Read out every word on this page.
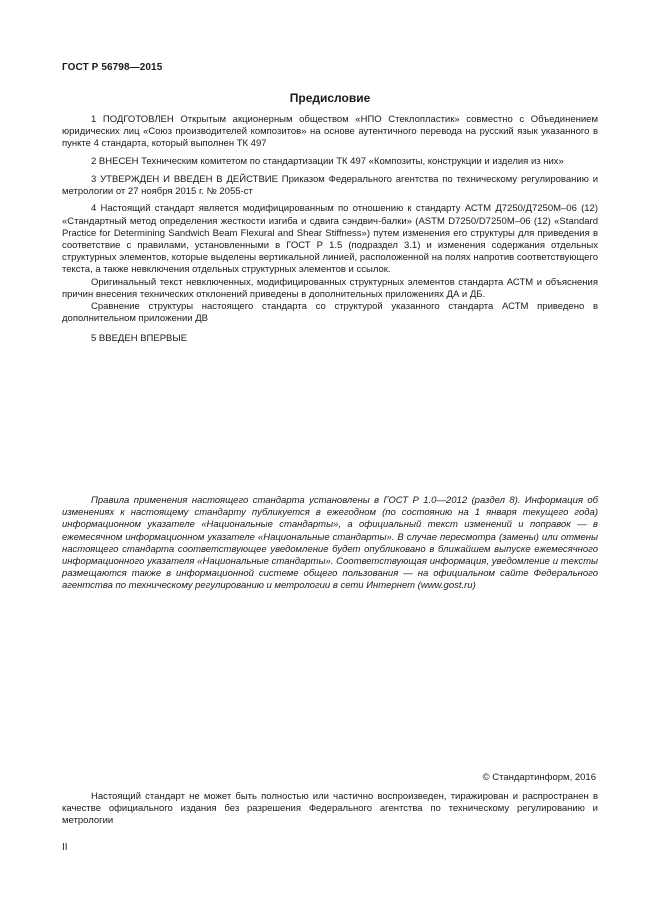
ГОСТ Р 56798—2015
Предисловие

1 ПОДГОТОВЛЕН Открытым акционерным обществом «НПО Стеклопластик» совместно с Объединением юридических лиц «Союз производителей композитов» на основе аутентичного перевода на русский язык указанного в пункте 4 стандарта, который выполнен ТК 497

2 ВНЕСЕН Техническим комитетом по стандартизации ТК 497 «Композиты, конструкции и изделия из них»

3 УТВЕРЖДЕН И ВВЕДЕН В ДЕЙСТВИЕ Приказом Федерального агентства по техническому регулированию и метрологии от 27 ноября 2015 г. № 2055-ст

4 Настоящий стандарт является модифицированным по отношению к стандарту АСТМ Д7250/Д7250М–06 (12) «Стандартный метод определения жесткости изгиба и сдвига сэндвич-балки» (ASTM D7250/D7250M–06 (12) «Standard Practice for Determining Sandwich Beam Flexural and Shear Stiffness») путем изменения его структуры для приведения в соответствие с правилами, установленными в ГОСТ Р 1.5 (подраздел 3.1) и изменения содержания отдельных структурных элементов, которые выделены вертикальной линией, расположенной на полях напротив соответствующего текста, а также невключения отдельных структурных элементов и ссылок.

Оригинальный текст невключенных, модифицированных структурных элементов стандарта АСТМ и объяснения причин внесения технических отклонений приведены в дополнительных приложениях ДА и ДБ.

Сравнение структуры настоящего стандарта со структурой указанного стандарта АСТМ приведено в дополнительном приложении ДВ

5 ВВЕДЕН ВПЕРВЫЕ

Правила применения настоящего стандарта установлены в ГОСТ Р 1.0—2012 (раздел 8). Информация об изменениях к настоящему стандарту публикуется в ежегодном (по состоянию на 1 января текущего года) информационном указателе «Национальные стандарты», а официальный текст изменений и поправок — в ежемесячном информационном указателе «Национальные стандарты». В случае пересмотра (замены) или отмены настоящего стандарта соответствующее уведомление будет опубликовано в ближайшем выпуске ежемесячного информационного указателя «Национальные стандарты». Соответствующая информация, уведомление и тексты размещаются также в информационной системе общего пользования — на официальном сайте Федерального агентства по техническому регулированию и метрологии в сети Интернет (www.gost.ru)

© Стандартинформ, 2016

Настоящий стандарт не может быть полностью или частично воспроизведен, тиражирован и распространен в качестве официального издания без разрешения Федерального агентства по техническому регулированию и метрологии

II
